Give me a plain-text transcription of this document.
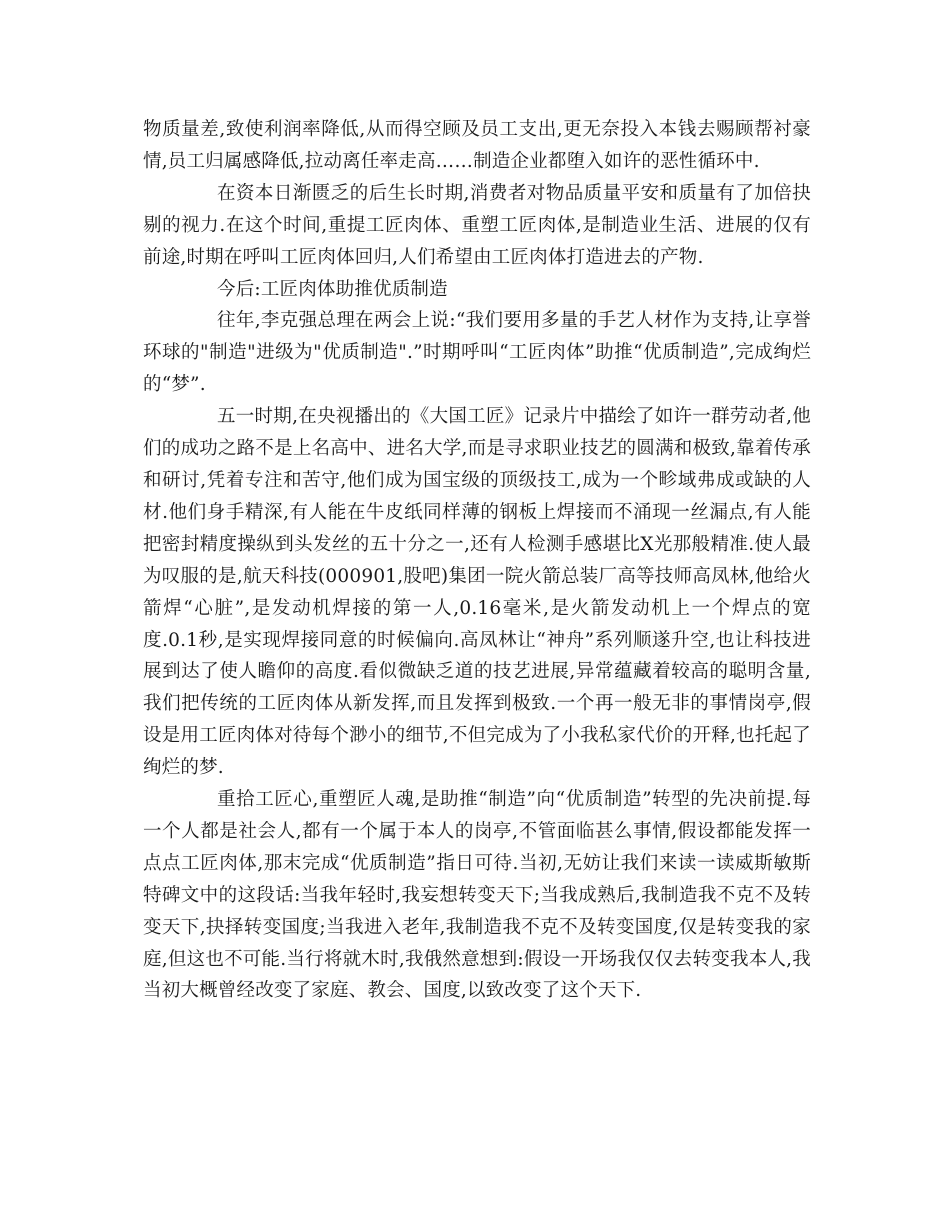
物质量差,致使利润率降低,从而得空顾及员工支出,更无奈投入本钱去赐顾帮衬豪情,员工归属感降低,拉动离任率走高……制造企业都堕入如许的恶性循环中.

在资本日渐匮乏的后生长时期,消费者对物品质量平安和质量有了加倍抉剔的视力.在这个时间,重提工匠肉体、重塑工匠肉体,是制造业生活、进展的仅有前途,时期在呼叫工匠肉体回归,人们希望由工匠肉体打造进去的产物.

今后:工匠肉体助推优质制造

往年,李克强总理在两会上说:“我们要用多量的手艺人材作为支持,让享誉环球的"制造"进级为"优质制造".”时期呼叫“工匠肉体”助推“优质制造”,完成绚烂的“梦”.

五一时期,在央视播出的《大国工匠》记录片中描绘了如许一群劳动者,他们的成功之路不是上名高中、进名大学,而是寻求职业技艺的圆满和极致,靠着传承和研讨,凭着专注和苦守,他们成为国宝级的顶级技工,成为一个畛域弗成或缺的人材.他们身手精深,有人能在牛皮纸同样薄的钢板上焊接而不涌现一丝漏点,有人能把密封精度操纵到头发丝的五十分之一,还有人检测手感堪比X光那般精准.使人最为叹服的是,航天科技(000901,股吧)集团一院火箭总装厂高等技师高凤林,他给火箭焊“心脏”,是发动机焊接的第一人,0.16毫米,是火箭发动机上一个焊点的宽度.0.1秒,是实现焊接同意的时候偏向.高凤林让“神舟”系列顺遂升空,也让科技进展到达了使人瞻仰的高度.看似微缺乏道的技艺进展,异常蕴藏着较高的聪明含量,我们把传统的工匠肉体从新发挥,而且发挥到极致.一个再一般无非的事情岗亭,假设是用工匠肉体对待每个渺小的细节,不但完成为了小我私家代价的开释,也托起了绚烂的梦.

重拾工匠心,重塑匠人魂,是助推“制造”向“优质制造”转型的先决前提.每一个人都是社会人,都有一个属于本人的岗亭,不管面临甚么事情,假设都能发挥一点点工匠肉体,那末完成“优质制造”指日可待.当初,无妨让我们来读一读威斯敏斯特碑文中的这段话:当我年轻时,我妄想转变天下;当我成熟后,我制造我不克不及转变天下,抉择转变国度;当我进入老年,我制造我不克不及转变国度,仅是转变我的家庭,但这也不可能.当行将就木时,我俄然意想到:假设一开场我仅仅去转变我本人,我当初大概曾经改变了家庭、教会、国度,以致改变了这个天下.
